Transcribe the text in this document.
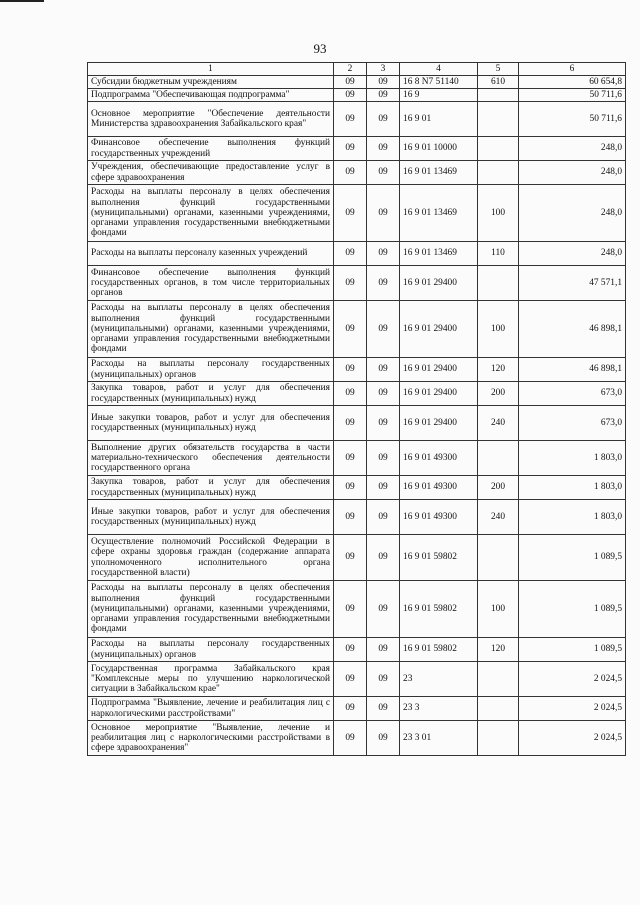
93
1	2	3	4	5	6
Субсидии бюджетным учреждениям	09	09	16 8 N7 51140	610	60 654,8
Подпрограмма "Обеспечивающая подпрограмма"	09	09	16 9		50 711,6
Основное мероприятие "Обеспечение деятельности Министерства здравоохранения Забайкальского края"	09	09	16 9 01		50 711,6
Финансовое обеспечение выполнения функций государственных учреждений	09	09	16 9 01 10000		248,0
Учреждения, обеспечивающие предоставление услуг в сфере здравоохранения	09	09	16 9 01 13469		248,0
Расходы на выплаты персоналу в целях обеспечения выполнения функций государственными (муниципальными) органами, казенными учреждениями, органами управления государственными внебюджетными фондами	09	09	16 9 01 13469	100	248,0
Расходы на выплаты персоналу казенных учреждений	09	09	16 9 01 13469	110	248,0
Финансовое обеспечение выполнения функций государственных органов, в том числе территориальных органов	09	09	16 9 01 29400		47 571,1
Расходы на выплаты персоналу в целях обеспечения выполнения функций государственными (муниципальными) органами, казенными учреждениями, органами управления государственными внебюджетными фондами	09	09	16 9 01 29400	100	46 898,1
Расходы на выплаты персоналу государственных (муниципальных) органов	09	09	16 9 01 29400	120	46 898,1
Закупка товаров, работ и услуг для обеспечения государственных (муниципальных) нужд	09	09	16 9 01 29400	200	673,0
Иные закупки товаров, работ и услуг для обеспечения государственных (муниципальных) нужд	09	09	16 9 01 29400	240	673,0
Выполнение других обязательств государства в части материально-технического обеспечения деятельности государственного органа	09	09	16 9 01 49300		1 803,0
Закупка товаров, работ и услуг для обеспечения государственных (муниципальных) нужд	09	09	16 9 01 49300	200	1 803,0
Иные закупки товаров, работ и услуг для обеспечения государственных (муниципальных) нужд	09	09	16 9 01 49300	240	1 803,0
Осуществление полномочий Российской Федерации в сфере охраны здоровья граждан (содержание аппарата уполномоченного исполнительного органа государственной власти)	09	09	16 9 01 59802		1 089,5
Расходы на выплаты персоналу в целях обеспечения выполнения функций государственными (муниципальными) органами, казенными учреждениями, органами управления государственными внебюджетными фондами	09	09	16 9 01 59802	100	1 089,5
Расходы на выплаты персоналу государственных (муниципальных) органов	09	09	16 9 01 59802	120	1 089,5
Государственная программа Забайкальского края "Комплексные меры по улучшению наркологической ситуации в Забайкальском крае"	09	09	23		2 024,5
Подпрограмма "Выявление, лечение и реабилитация лиц с наркологическими расстройствами"	09	09	23 3		2 024,5
Основное мероприятие "Выявление, лечение и реабилитация лиц с наркологическими расстройствами в сфере здравоохранения"	09	09	23 3 01		2 024,5
